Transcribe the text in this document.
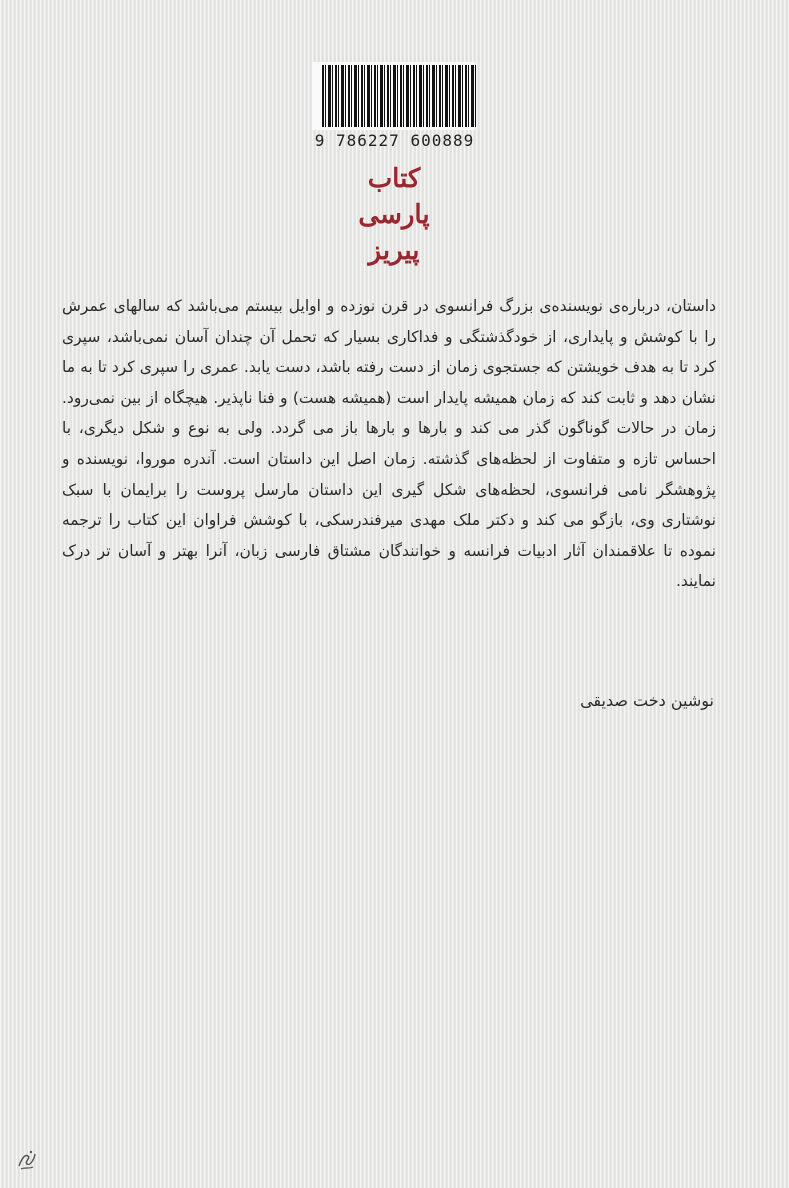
9 786227 600889
کتاب پارسی پیریز
داستان، درباره‌ی نویسنده‌ی بزرگ فرانسوی در قرن نوزده و اوایل بیستم می‌باشد که سالهای عمرش را با کوشش و پایداری، از خودگذشتگی و فداکاری بسیار که تحمل آن چندان آسان نمی‌باشد، سپری کرد تا به هدف خویشتن که جستجوی زمان از دست رفته باشد، دست یابد. عمری را سپری کرد تا به ما نشان دهد و ثابت کند که زمان همیشه پایدار است (همیشه هست) و فنا ناپذیر. هیچگاه از بین نمی‌رود. زمان در حالات گوناگون گذر می کند و بارها و بارها باز می گردد. ولی به نوع و شکل دیگری، با احساس تازه و متفاوت از لحظه‌های گذشته. زمان اصل این داستان است. آندره موروا، نویسنده و پژوهشگر نامی فرانسوی، لحظه‌های شکل گیری این داستان مارسل پروست را برایمان با سبک نوشتاری وی، بازگو می کند و دکتر ملک مهدی میرفندرسکی، با کوشش فراوان این کتاب را ترجمه نموده تا علاقمندان آثار ادبیات فرانسه و خوانندگان مشتاق فارسی زبان، آنرا بهتر و آسان تر درک نمایند.
نوشین دخت صدیقی
